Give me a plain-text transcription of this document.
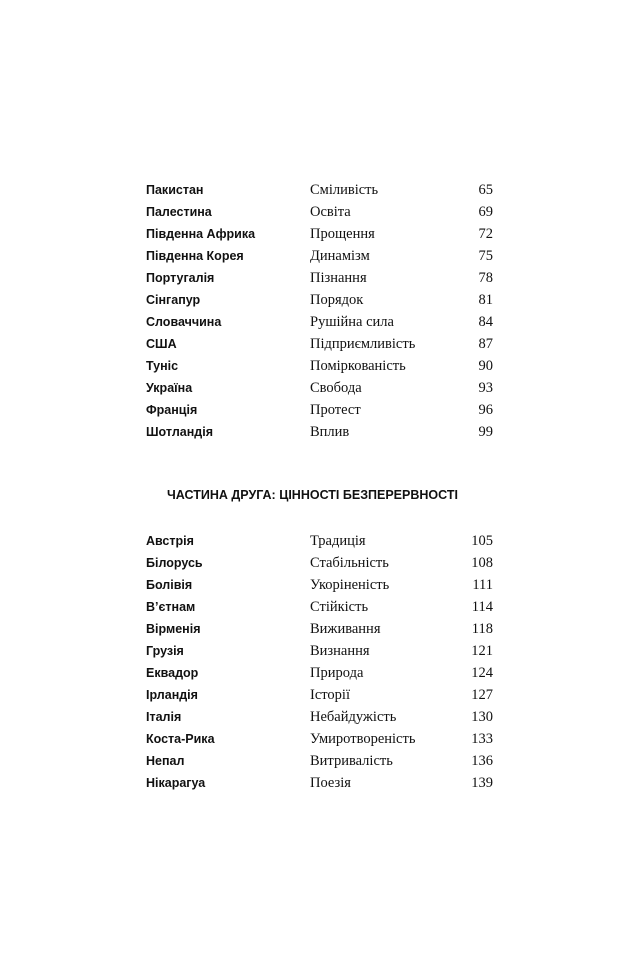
Пакистан	Сміливість	65
Палестина	Освіта	69
Південна Африка	Прощення	72
Південна Корея	Динамізм	75
Португалія	Пізнання	78
Сінгапур	Порядок	81
Словаччина	Рушійна сила	84
США	Підприємливість	87
Туніс	Поміркованість	90
Україна	Свобода	93
Франція	Протест	96
Шотландія	Вплив	99
ЧАСТИНА ДРУГА: ЦІННОСТІ БЕЗПЕРЕРВНОСТІ
Австрія	Традиція	105
Білорусь	Стабільність	108
Болівія	Укоріненість	111
В’єтнам	Стійкість	114
Вірменія	Виживання	118
Грузія	Визнання	121
Еквадор	Природа	124
Ірландія	Історії	127
Італія	Небайдужість	130
Коста-Рика	Умиротвореність	133
Непал	Витривалість	136
Нікарагуа	Поезія	139
